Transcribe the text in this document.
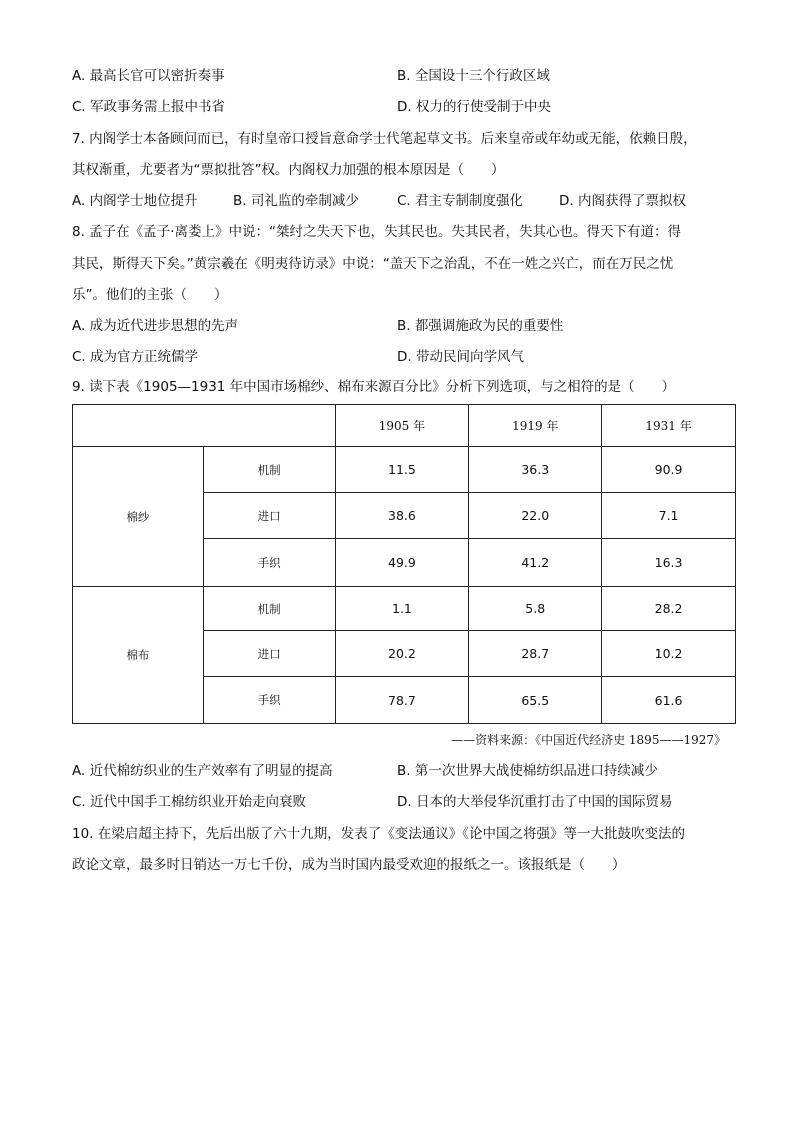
A. 最高长官可以密折奏事	B. 全国设十三个行政区域
C. 军政事务需上报中书省	D. 权力的行使受制于中央
7. 内阁学士本备顾问而已，有时皇帝口授旨意命学士代笔起草文书。后来皇帝或年幼或无能，依赖日殷，
其权渐重，尤要者为“票拟批答”权。内阁权力加强的根本原因是（　　）
A. 内阁学士地位提升	B. 司礼监的牵制减少	C. 君主专制制度强化	D. 内阁获得了票拟权
8. 孟子在《孟子·离娄上》中说：“桀纣之失天下也，失其民也。失其民者，失其心也。得天下有道：得
其民，斯得天下矣。”黄宗羲在《明夷待访录》中说：“盖天下之治乱，不在一姓之兴亡，而在万民之忧
乐”。他们的主张（　　）
A. 成为近代进步思想的先声	B. 都强调施政为民的重要性
C. 成为官方正统儒学	D. 带动民间向学风气
9. 读下表《1905—1931 年中国市场棉纱、棉布来源百分比》分析下列选项，与之相符的是（　　）
		1905 年	1919 年	1931 年
棉纱	机制	11.5	36.3	90.9
	进口	38.6	22.0	7.1
	手织	49.9	41.2	16.3
棉布	机制	1.1	5.8	28.2
	进口	20.2	28.7	10.2
	手织	78.7	65.5	61.6
——资料来源：《中国近代经济史 1895——1927》
A. 近代棉纺织业的生产效率有了明显的提高	B. 第一次世界大战使棉纺织品进口持续减少
C. 近代中国手工棉纺织业开始走向衰败	D. 日本的大举侵华沉重打击了中国的国际贸易
10. 在梁启超主持下，先后出版了六十九期，发表了《变法通议》《论中国之将强》等一大批鼓吹变法的
政论文章，最多时日销达一万七千份，成为当时国内最受欢迎的报纸之一。该报纸是（　　）
